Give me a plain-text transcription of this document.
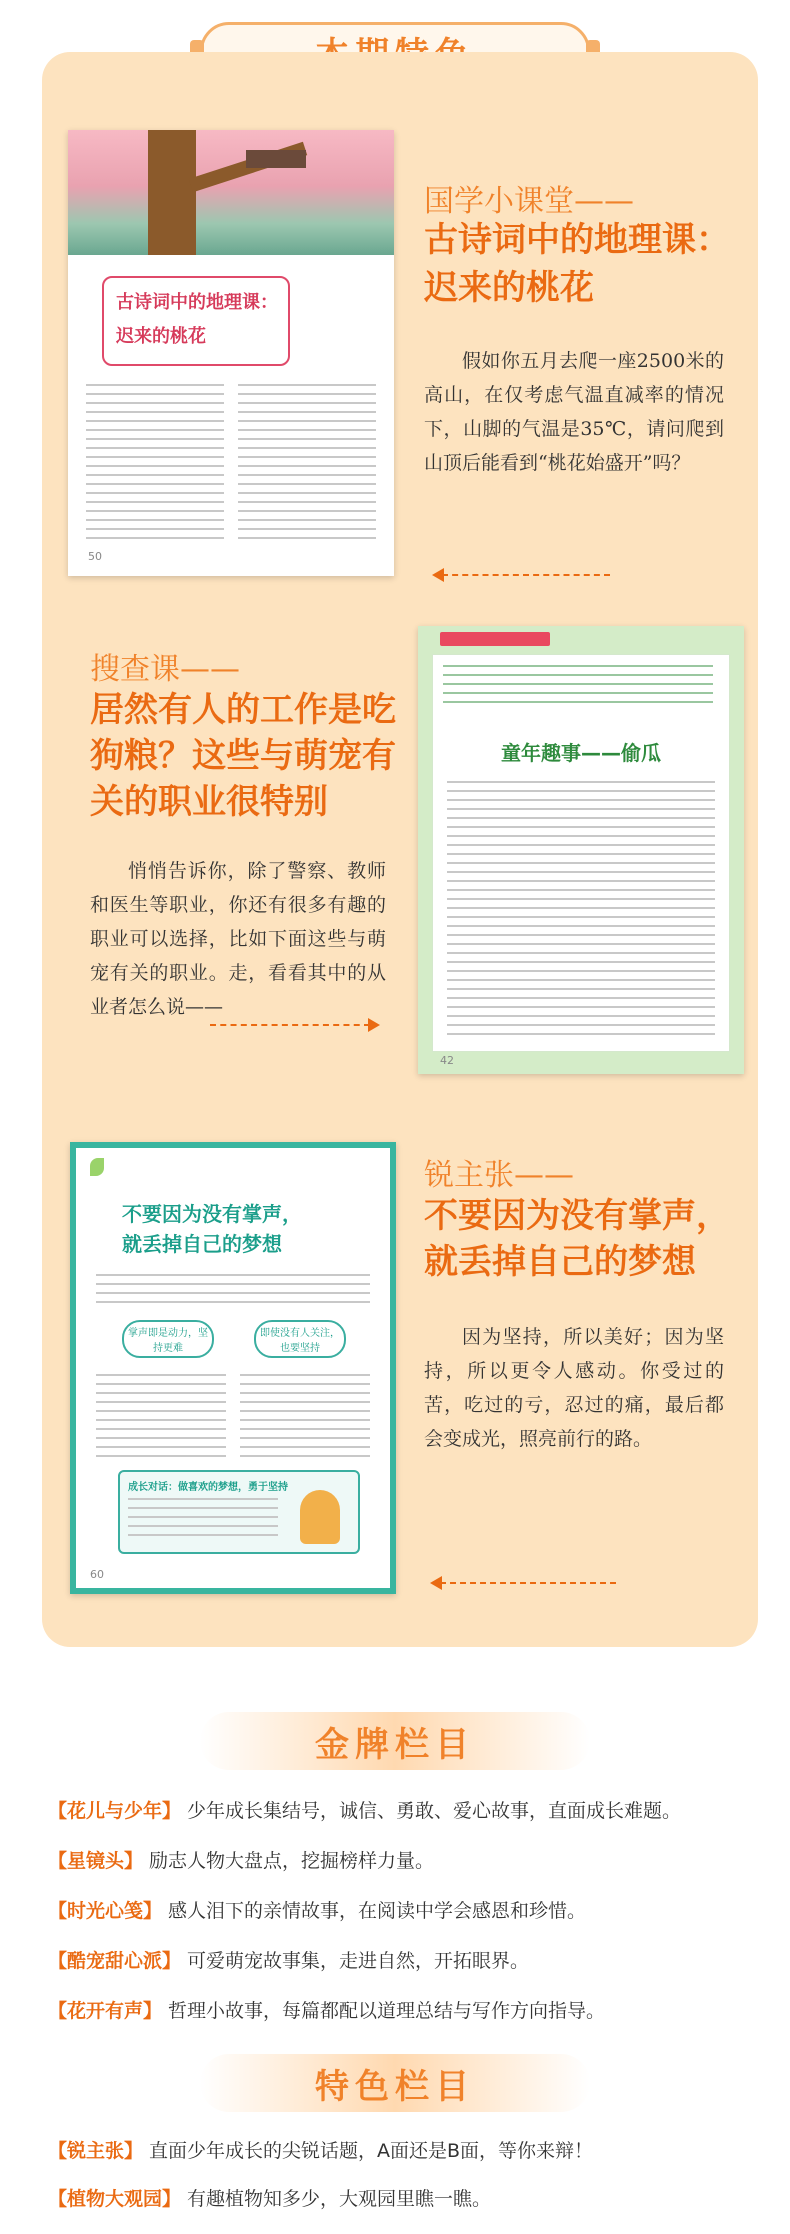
古诗词中的地理课：
迟来的桃花
50
国学小课堂——
古诗词中的地理课：
迟来的桃花
假如你五月去爬一座2500米的高山，在仅考虑气温直减率的情况下，山脚的气温是35℃，请问爬到山顶后能看到“桃花始盛开”吗？
搜查课——
居然有人的工作是吃
狗粮？这些与萌宠有
关的职业很特别
悄悄告诉你，除了警察、教师和医生等职业，你还有很多有趣的职业可以选择，比如下面这些与萌宠有关的职业。走，看看其中的从业者怎么说——
童年趣事——偷瓜
42
不要因为没有掌声，
就丢掉自己的梦想
掌声即是动力，坚持更难
即使没有人关注，也要坚持
成长对话：做喜欢的梦想，勇于坚持
60
锐主张——
不要因为没有掌声，
就丢掉自己的梦想
因为坚持，所以美好；因为坚持，所以更令人感动。你受过的苦，吃过的亏，忍过的痛，最后都会变成光，照亮前行的路。
金牌栏目
【花儿与少年】 少年成长集结号，诚信、勇敢、爱心故事，直面成长难题。
【星镜头】 励志人物大盘点，挖掘榜样力量。
【时光心笺】 感人泪下的亲情故事，在阅读中学会感恩和珍惜。
【酷宠甜心派】 可爱萌宠故事集，走进自然，开拓眼界。
【花开有声】 哲理小故事，每篇都配以道理总结与写作方向指导。
特色栏目
【锐主张】 直面少年成长的尖锐话题，A面还是B面，等你来辩！
【植物大观园】 有趣植物知多少，大观园里瞧一瞧。
